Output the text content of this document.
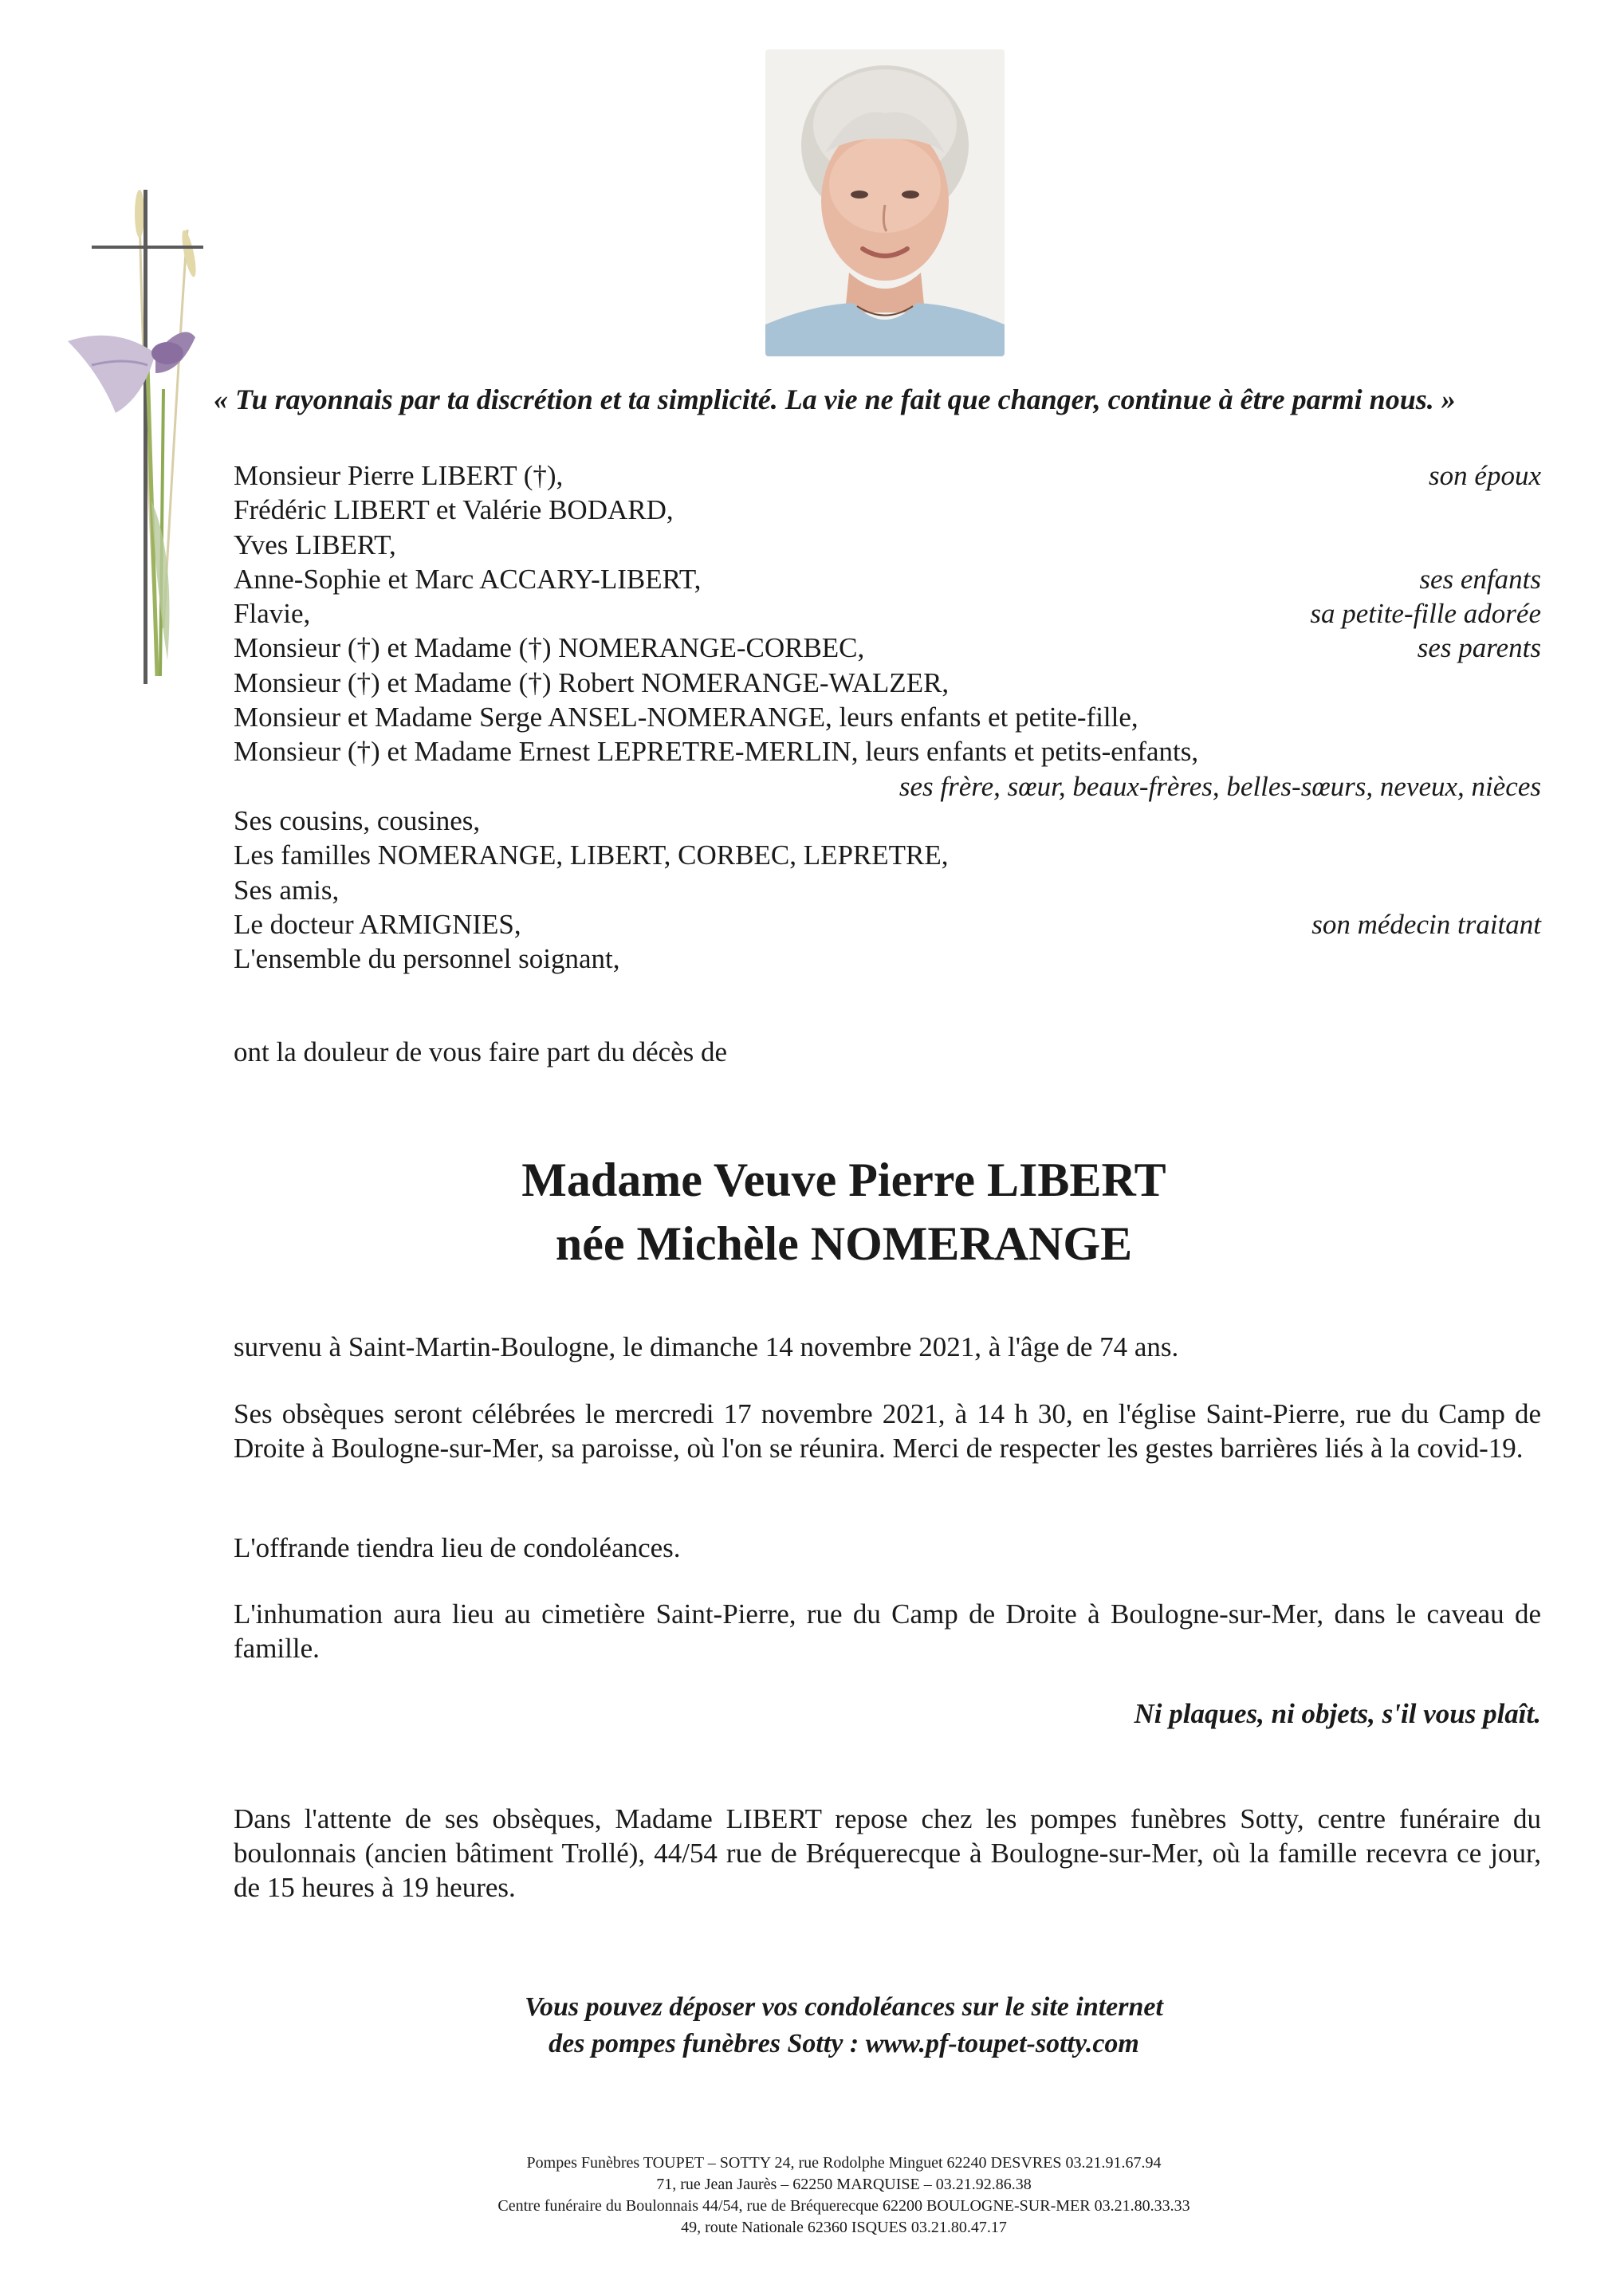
« Tu rayonnais par ta discrétion et ta simplicité. La vie ne fait que changer, continue à être parmi nous. »
Monsieur Pierre LIBERT (†),	son époux
Frédéric LIBERT et Valérie BODARD,
Yves LIBERT,
Anne-Sophie et Marc ACCARY-LIBERT,	ses enfants
Flavie,	sa petite-fille adorée
Monsieur (†) et Madame (†) NOMERANGE-CORBEC,	ses parents
Monsieur (†) et Madame (†) Robert NOMERANGE-WALZER,
Monsieur et Madame Serge ANSEL-NOMERANGE, leurs enfants et petite-fille,
Monsieur (†) et Madame Ernest LEPRETRE-MERLIN, leurs enfants et petits-enfants,
ses frère, sœur, beaux-frères, belles-sœurs, neveux, nièces
Ses cousins, cousines,
Les familles NOMERANGE, LIBERT, CORBEC, LEPRETRE,
Ses amis,
Le docteur ARMIGNIES,	son médecin traitant
L'ensemble du personnel soignant,
ont la douleur de vous faire part du décès de
Madame Veuve Pierre LIBERT
née Michèle NOMERANGE
survenu à Saint-Martin-Boulogne, le dimanche 14 novembre 2021, à l'âge de 74 ans.
Ses obsèques seront célébrées le mercredi 17 novembre 2021, à 14 h 30, en l'église Saint-Pierre, rue du Camp de Droite à Boulogne-sur-Mer, sa paroisse, où l'on se réunira. Merci de respecter les gestes barrières liés à la covid-19.
L'offrande tiendra lieu de condoléances.
L'inhumation aura lieu au cimetière Saint-Pierre, rue du Camp de Droite à Boulogne-sur-Mer, dans le caveau de famille.
Ni plaques, ni objets, s'il vous plaît.
Dans l'attente de ses obsèques, Madame LIBERT repose chez les pompes funèbres Sotty, centre funéraire du boulonnais (ancien bâtiment Trollé), 44/54 rue de Bréquerecque à Boulogne-sur-Mer, où la famille recevra ce jour, de 15 heures à 19 heures.
Vous pouvez déposer vos condoléances sur le site internet
des pompes funèbres Sotty : www.pf-toupet-sotty.com
Pompes Funèbres TOUPET – SOTTY 24, rue Rodolphe Minguet 62240 DESVRES 03.21.91.67.94
71, rue Jean Jaurès – 62250 MARQUISE – 03.21.92.86.38
Centre funéraire du Boulonnais 44/54, rue de Bréquerecque 62200 BOULOGNE-SUR-MER 03.21.80.33.33
49, route Nationale 62360 ISQUES 03.21.80.47.17
